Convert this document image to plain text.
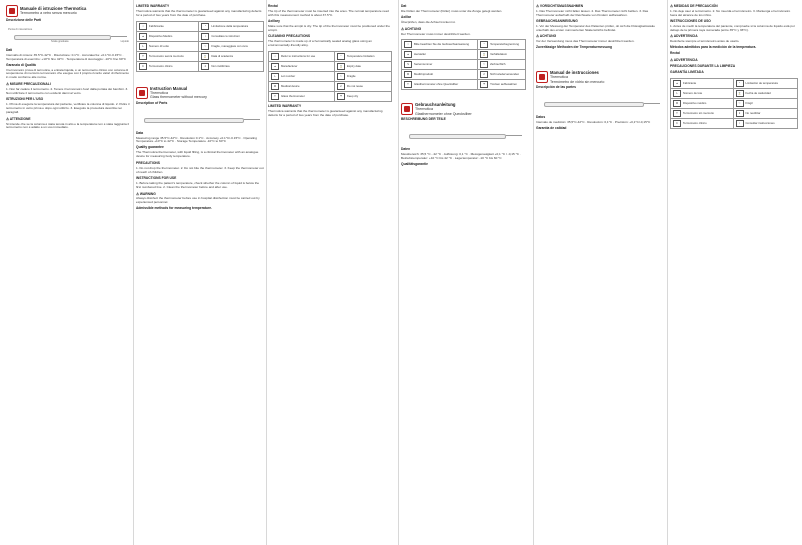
Manuale di istruzione Thermotica
Termometro a vetro senza mercurio
Descrizione delle Parti
Punta di misurazione
Scala graduata	Liquido
Dati

Intervallo di misura: 35.5°C-42°C · Risoluzione: 0.1°C · Accuratezza: +0.1°C/-0.15°C · Temperatura di esercizio: +10°C fino 42°C · Temperatura di stoccaggio: -10°C fino 60°C

Garanzia di Qualità

Il termometro prova di termotica, a entrata liquida, è un termometro clinico con colonna di sospensione di mercurio termometro che esegue con il proprio ricordo valori di riferimento in modo conforme alle norme.

⚠ MISURE PRECAUZIONALI

1. Non far cadere il termometro. 2. Tenere il termometro fuori dalla portata dei bambini. 3. Non utilizzare il termometro con evidenti danni al vetro.

ISTRUZIONI PER L'USO

1. Prima di eseguire la temperatura del paziente, verificare la colonna di liquido. 2. Pulire il termometro in vetro prima e dopo ogni utilizzo. 3. Eseguire la procedura descritta nei paragrafi.

⚠ ATTENZIONE

Si intende che se la colonna è stata tenuta in alto e la temperatura non è stata raggiunta il termometro non è adatto a un uso immediato.

LIMITED WARRANTY

Thermotica warrants that the thermometer is guaranteed against any manufacturing defects for a period of two years from the date of purchase.

i Fabbricante	° Limitazione della temperatura
▲ Dispositivo Medico	i Consultare le istruzioni
L Numero di Lotto	♡ Fragile, maneggiare con cura
T Termometro senza mercurio	⌛ Data di scadenza
C Termometro clinico	2 Non riutilizzare
Instruction Manual
Thermotica
Glass thermometer without mercury
Description of Parts
Data

Measuring range 35.5°C-42°C · Resolution 0.1°C · Accuracy +0.1°C/-0.15°C · Operating Temperature +10°C to 42°C · Storage Temperature -10°C to 60°C

Quality guarantee

The Thermotica thermometer, with liquid filling, is a clinical thermometer with an analogue device for measuring body temperature.

PRECAUTIONS

1. Do not drop the thermometer. 2. Do not bite the thermometer. 3. Keep the thermometer out of reach of children.

INSTRUCTIONS FOR USE

1. Before taking the patient's temperature, check whether the column of liquid is below the first numbered line. 2. Clean the thermometer before and after use.

⚠ WARNING

Always disinfect the thermometer before use in hospital disinfection must be carried out by experienced personnel.

Admissible methods for measuring temperature.
Rectal

The tip of the thermometer must be inserted into the anus. The normal temperature read with this measurement method is about 37.5°C.

Axillary

Make sure that the armpit is dry. The tip of the thermometer must be positioned under the armpit.

CLEANING PRECAUTIONS

The thermometer is made up of a hermetically sealed analog glass using an environmentally-friendly alloy.

i Refer to instructions for use	° Temperature limitation
▲ Manufacturer	⌛ Expiry date
L Lot number	♡ Fragile
M Medical device	2 Do not reuse
T Glass thermometer	☂ Keep dry
LIMITED WARRANTY

Thermotica warrants that the thermometer is guaranteed against any manufacturing defects for a period of two years from the date of purchase.

Dat

Die Füllen der Thermometer (Füller) muss unter die Zunge gelegt werden.

Axillar

Überprüfen, dass die Achsel trocken ist.

⚠ ACHTUNG

Der Thermometer muss immer desinfiziert werden.

i Bitte beachten Sie die Gebrauchsanweisung	° Temperaturbegrenzung
▲ Hersteller	⌛ Verfallsdatum
S Seriennummer	♡ Zerbrechlich
M Medizinprodukt	2 Nicht wiederverwenden
T Glasthermometer ohne Quecksilber	☂ Trocken aufbewahren
Gebrauchsanleitung
Thermotica
Glasthermometer ohne Quecksilber
BESCHREIBUNG DER TEILE
Daten

Messbereich: 35,5 °C - 42 °C · Auflösung: 0,1 °C · Messgenauigkeit +0,1 °C / -0,15 °C · Betriebstemperatur: +10 °C bis 42 °C · Lagertemperatur: -10 °C bis 60 °C

Qualitätsgarantie
⚠ VORSICHTSMASSNAHMEN

1. Das Thermometer nicht fallen lassen. 2. Das Thermometer nicht beißen. 3. Das Thermometer außerhalb der Reichweite von Kindern aufbewahren.

GEBRAUCHSANWEISUNG

1. Vor der Messung der Temperatur des Patienten prüfen, ob sich die Flüssigkeitssäule unterhalb des ersten nummerierten Skalenstrichs befindet.

⚠ ACHTUNG

Vor der Verwendung muss das Thermometer immer desinfiziert werden.

Zuverlässige Methoden der Temperaturmessung
Manual de instrucciones
Thermotica
Termómetro de vidrio sin mercurio
Descripción de las partes
Datos

Intervalo de medición: 35,5°C-42°C · Resolución: 0,1°C · Precisión: +0,1°C/-0,15°C

Garantía de calidad
⚠ MEDIDAS DE PRECAUCIÓN

1. No deje caer el termómetro. 2. No muerda el termómetro. 3. Mantenga el termómetro fuera del alcance de los niños.

INSTRUCCIONES DE USO

1. Antes de medir la temperatura del paciente, compruebe si la columna de líquido está por debajo de la primera raya numerada (entre 35°C y 36°C).

⚠ ADVERTENCIA

Desinfecte siempre el termómetro antes de usarlo.

Métodos admitidos para la medición de la temperatura.
Rectal
⚠ ADVERTENCIA
PRECAUCIONES DURANTE LA LIMPIEZA
GARANTÍA LIMITADA
▲ Fabricante	° Limitación de temperatura
L Número de lote	⌛ Fecha de caducidad
M Dispositivo médico	♡ Frágil
T Termómetro sin mercurio	2 No reutilizar
C Termómetro clínico	i Consultar instrucciones
